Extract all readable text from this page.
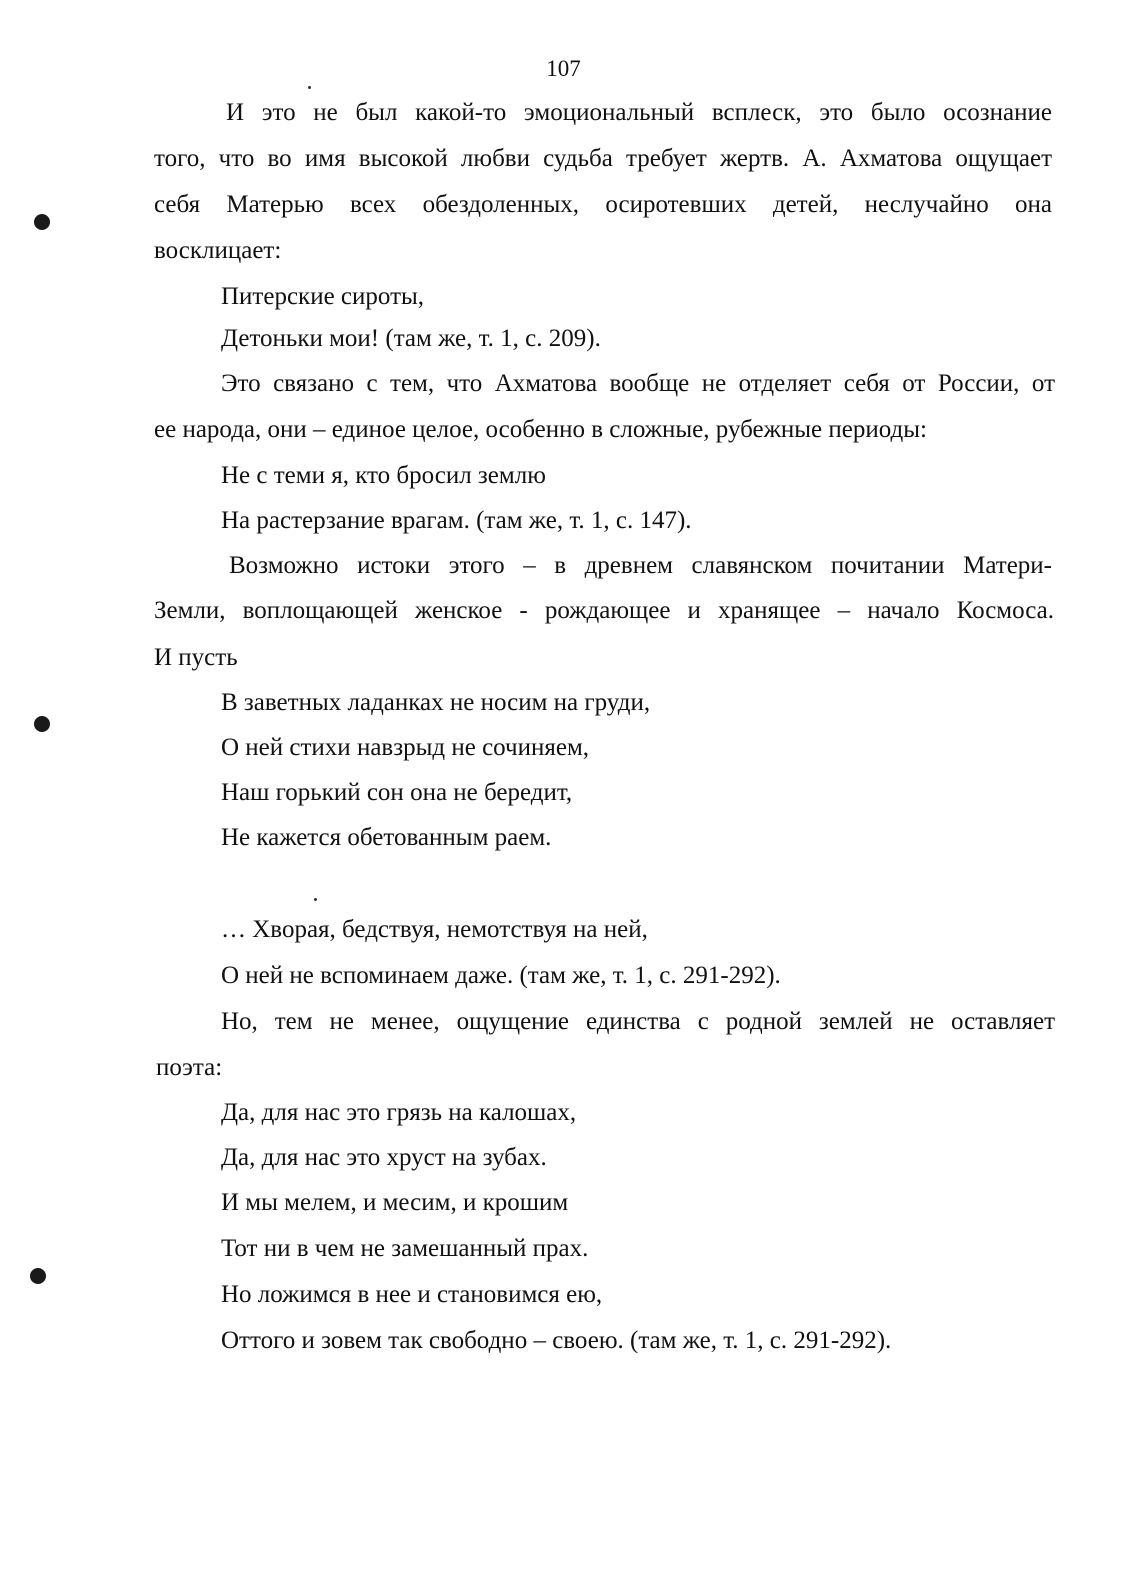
107
И это не был какой-то эмоциональный всплеск, это было осознание
того, что во имя высокой любви судьба требует жертв. А. Ахматова ощущает
себя Матерью всех обездоленных, осиротевших детей, неслучайно она
восклицает:
Питерские сироты,
Детоньки мои! (там же, т. 1, с. 209).
Это связано с тем, что Ахматова вообще не отделяет себя от России, от
ее народа, они – единое целое, особенно в сложные, рубежные периоды:
Не с теми я, кто бросил землю
На растерзание врагам. (там же, т. 1, с. 147).
Возможно истоки этого – в древнем славянском почитании Матери-
Земли, воплощающей женское - рождающее и хранящее – начало Космоса.
И пусть
В заветных ладанках не носим на груди,
О ней стихи навзрыд не сочиняем,
Наш горький сон она не бередит,
Не кажется обетованным раем.
… Хворая, бедствуя, немотствуя на ней,
О ней не вспоминаем даже. (там же, т. 1, с. 291-292).
Но, тем не менее, ощущение единства с родной землей не оставляет
поэта:
Да, для нас это грязь на калошах,
Да, для нас это хруст на зубах.
И мы мелем, и месим, и крошим
Тот ни в чем не замешанный прах.
Но ложимся в нее и становимся ею,
Оттого и зовем так свободно – своею. (там же, т. 1, с. 291-292).
